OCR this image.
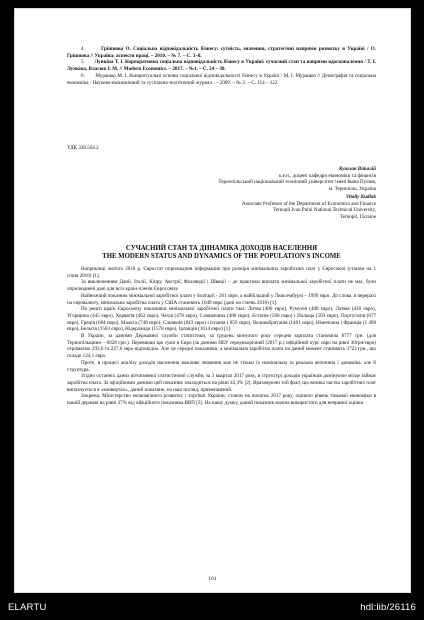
4.	Грішнова О. Соціальна відповідальність бізнесу: сутність, значення, стратегічні напрями розвитку в Україні / О. Грішнова // Україна: аспекти праці. – 2010. – № 7. – С. 3–8.

5. Лункіна Т. І. Корпоративна соціальна відповідальність бізнесу в Україні: сучасний стан та напрями вдосконалення / Т. І. Лункіна, Власюк І. М. // Modern Economics. – 2017. – №1. – С. 24 – 30.

6. Мурашко М. І. Концептуальні основи соціальної відповідальності бізнесу в Україні / М. І. Мурашко // Демографія та соціальна економіка : Науково-економічний та суспільно-політичний журнал . – 2009. – № 2. – С. 114 – 122.

УДК 330.564.2

Кушлак Віталій

к.е.н., доцент кафедри економіки та фінансів

Тернопільський національний технічний університет імені Івана Пулюя,

м. Тернопіль, Україна

Vitaliy Kudlak

Associate Professor of the Department of Economics and Finance

Ternopil Ivan Pului National Technical University,

Ternopil, Ukraine

СУЧАСНИЙ СТАН ТА ДИНАМІКА ДОХОДІВ НАСЕЛЕННЯ

THE MODERN STATUS AND DYNAMICS OF THE POPULATION'S INCOME

Наприкінці лютого 2018 р. Євростат оприлюднив інформацію про розміри мінімальних заробітних плат у Євросоюзі (станом на 1 січня 2018) [1].

За виключенням Данії, Італії, Кіпру, Австрії, Фінляндії і Швеції – де практики виплати мінімальної заробітної плати не має, були оприлюднені дані для всіх країн-членів Євросоюзу.

Найнижчий показник мінімальної заробітної плати у Болгарії - 261 євро, а найбільший у Люксембурзі – 1999 євро. До слова, в перерахі на єврова́люту, мінімальна заробітна плата у США становить 1048 євро (дані на січень 2018) [1].

По решті країн Євросоюзу показники мінімальної заробітної плати такі: Литва (400 євро), Румунія (408 євро), Латвія (430 євро), Угорщина (445 євро), Хорватія (462 євро), Чехія (478 євро), Словаччина (480 євро), Естонія (500 євро) і Польща (503 євро), Португалія (677 євро), Греція (684 євро), Мальта (748 євро), Словенія (843 євро) і Іспанія ( 859 євро), Великобританія (1401 євро), Німеччина і Франція (1 498 євро), Бельгія (1563 євро), Нідерланди (1578 євро), Ірландія (1614 євро) [1].

В Україні, за даними Державної служби статистики, за грудень минулого року середня зарплата становила 8777 грн. (для Тернопільщини – 6828 грн.). Перевівши цю суми в Євро (за даними НБУ середньорічний (2017 р.) офіційний курс євро на рівні 30грн/євро) отримаємо 292,6 та 227,6 євро відповідно. Але це середні показники, а мінімальна заробітна плата на даний момент становить 3723 грн., що складе 124,1 євро.

Проте, в процесі аналізу доходів населення важливе значення має не тільки їх номінальна та реальна величина і динаміка, але й структура.

Згідно останніх даних вітчизняної статистичної служби, за 3 квартал 2017 року, в структурі доходів українців домінуюче місце займає заробітна плата. За офіційними даними цей показник знаходиться на рівні 43,3% [2]. Враховуючи той факт, що велика частка заробітних плат виплачується в «конвертах», даний показник, на наш погляд, применшений.

Зокрема, Міністерство економічного розвитку і торгівлі України, станом на початок 2017 року, оцінило рівень тіньової економіки в нашій державі на рівні 37% від офіційного показника ВВП [3]. На нашу думку, даний показник можна використати для непрямої оцінки

161
ELARTU	hdl:lib/26116
